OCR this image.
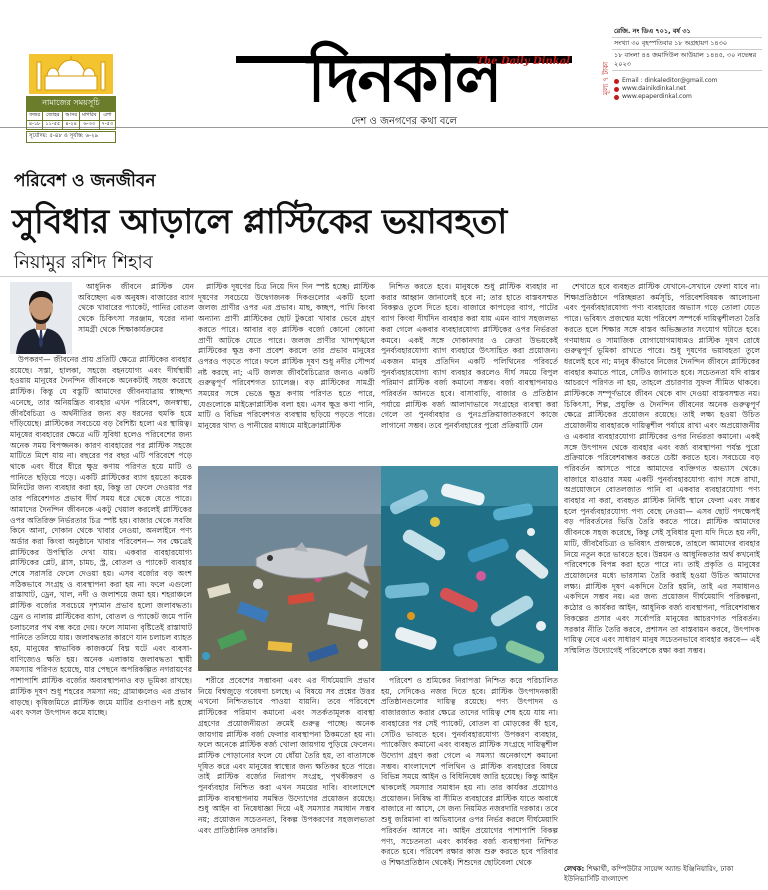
নামাজের সময়সূচি
ফজর	জোহর	আসর	মাগরিব	এশা
৪-১৮	১১-৫৫	৪-২৪	৬-৩৩	৭-৫৩
সূর্যোদয়: ৫-৪৮ ও সূর্যাস্ত: ৬-২৯
দিনকাল
The Daily Dinkal
দেশ ও জনগণের কথা বলে
মূল্য ৭ টাকা
রেজি. নং ডিএ ৭০১, বর্ষ ৩১
সংখ্যা ৩০ বৃহস্পতিবার ১৮ অগ্রহায়ণ ১৪৩০
১৮ বাংলা ৪৪ জমাদিউল আউয়াল ১৪৪৫, ৩০ নভেম্বর ২০২৩
Email : dinkaleditor@gmail.com
www.dainikdinkal.net
www.epaperdinkal.com
পরিবেশ ও জনজীবন
সুবিধার আড়ালে প্লাস্টিকের ভয়াবহতা
নিয়ামুর রশিদ শিহাব

আধুনিক জীবনে প্লাস্টিক যেন অবিচ্ছেদ্য এক অনুষঙ্গ। বাজারের ব্যাগ থেকে খাবারের প্যাকেট, পানির বোতল থেকে চিকিৎসা সরঞ্জাম, ঘরের নানা সামগ্রী থেকে শিক্ষাকার্যক্রমের

উপকরণ— জীবনের প্রায় প্রতিটি ক্ষেত্রে প্লাস্টিকের ব্যবহার রয়েছে। সস্তা, হালকা, সহজে বহনযোগ্য এবং দীর্ঘস্থায়ী হওয়ায় মানুষের দৈনন্দিন জীবনকে অনেকটাই সহজ করেছে প্লাস্টিক। কিন্তু যে বস্তুটি আমাদের জীবনযাত্রায় স্বাচ্ছন্দ্য এনেছে, তার অনিয়ন্ত্রিত ব্যবহার এখন পরিবেশ, জনস্বাস্থ্য, জীববৈচিত্র্য ও অর্থনীতির জন্য বড় ধরনের হুমকি হয়ে দাঁড়িয়েছে। প্লাস্টিকের সবচেয়ে বড় বৈশিষ্ট্য হলো এর স্থায়িত্ব। মানুষের ব্যবহারের ক্ষেত্রে এটি সুবিধা হলেও পরিবেশের জন্য অনেক সময় বিপজ্জনক। কারণ ব্যবহারের পর প্লাস্টিক সহজে মাটিতে মিশে যায় না। বছরের পর বছর এটি পরিবেশে পড়ে থাকে এবং ধীরে ধীরে ক্ষুদ্র কণায় পরিণত হয়ে মাটি ও পানিতে ছড়িয়ে পড়ে। একটি প্লাস্টিকের ব্যাগ হয়তো কয়েক মিনিটের জন্য ব্যবহার করা হয়, কিন্তু তা ফেলে দেওয়ার পর তার পরিবেশগত প্রভাব দীর্ঘ সময় ধরে থেকে যেতে পারে। আমাদের দৈনন্দিন জীবনকে একটু খেয়াল করলেই প্লাস্টিকের ওপর অতিরিক্ত নির্ভরতার চিত্র স্পষ্ট হয়। বাজার থেকে সবজি কিনে আনা, দোকান থেকে খাবার নেওয়া, অনলাইনে পণ্য অর্ডার করা কিংবা অনুষ্ঠানে খাবার পরিবেশন— সব ক্ষেত্রেই প্লাস্টিকের উপস্থিতি দেখা যায়। একবার ব্যবহারযোগ্য প্লাস্টিকের প্লেট, গ্লাস, চামচ, স্ট্র, বোতল ও প্যাকেট ব্যবহার শেষে সরাসরি ফেলে দেওয়া হয়। এসব বর্জ্যের বড় অংশ সঠিকভাবে সংগ্রহ ও ব্যবস্থাপনা করা হয় না। ফলে এগুলো রাস্তাঘাট, ড্রেন, খাল, নদী ও জলাশয়ে জমা হয়। শহরাঞ্চলে প্লাস্টিক বর্জ্যের সবচেয়ে দৃশ্যমান প্রভাব হলো জলাবদ্ধতা। ড্রেন ও নালায় প্লাস্টিকের ব্যাগ, বোতল ও প্যাকেট জমে পানি চলাচলের পথ বন্ধ করে দেয়। ফলে সামান্য বৃষ্টিতেই রাস্তাঘাট পানিতে তলিয়ে যায়। জলাবদ্ধতার কারণে যান চলাচল ব্যাহত হয়, মানুষের স্বাভাবিক কাজকর্মে বিঘ্ন ঘটে এবং ব্যবসা-বাণিজ্যেও ক্ষতি হয়। অনেক এলাকায় জলাবদ্ধতা স্থায়ী সমস্যায় পরিণত হয়েছে, যার পেছনে অপরিকল্পিত নগরায়ণের পাশাপাশি প্লাস্টিক বর্জ্যের অব্যবস্থাপনাও বড় ভূমিকা রাখছে। প্লাস্টিক দূষণ শুধু শহরের সমস্যা নয়; গ্রামাঞ্চলেও এর প্রভাব বাড়ছে। কৃষিজমিতে প্লাস্টিক জমে মাটির গুণাগুণ নষ্ট হচ্ছে এবং ফসল উৎপাদন কমে যাচ্ছে।

প্লাস্টিক দূষণের চিত্র নিয়ে দিন দিন স্পষ্ট হচ্ছে। প্লাস্টিক দূষণের সবচেয়ে উদ্বেগজনক দিকগুলোর একটি হলো জলজ প্রাণীর ওপর এর প্রভাব। মাছ, কচ্ছপ, পাখি কিংবা অন্যান্য প্রাণী প্লাস্টিকের ছোট টুকরো খাবার ভেবে গ্রহণ করতে পারে। আবার বড় প্লাস্টিক বর্জ্যে কোনো কোনো প্রাণী আটকে যেতে পারে। জলজ প্রাণীর খাদ্যশৃঙ্খলে প্লাস্টিকের ক্ষুদ্র কণা প্রবেশ করলে তার প্রভাব মানুষের ওপরও পড়তে পারে। ফলে প্লাস্টিক দূষণ শুধু নদীর সৌন্দর্য নষ্ট করছে না; এটি জলজ জীববৈচিত্র্যের জন্যও একটি গুরুত্বপূর্ণ পরিবেশগত চ্যালেঞ্জ। বড় প্লাস্টিকের সামগ্রী সময়ের সঙ্গে ভেঙে ক্ষুদ্র কণায় পরিণত হতে পারে, যেগুলোকে মাইক্রোপ্লাস্টিক বলা হয়। এসব ক্ষুদ্র কণা পানি, মাটি ও বিভিন্ন পরিবেশগত ব্যবস্থায় ছড়িয়ে পড়তে পারে। মানুষের খাদ্য ও পানীয়ের মাধ্যমে মাইক্রোপ্লাস্টিক

নিশ্চিত করতে হবে। মানুষকে শুধু প্লাস্টিক ব্যবহার না করার আহ্বান জানালেই হবে না; তার হাতে বাস্তবসম্মত বিকল্পও তুলে দিতে হবে। বাজারে কাপড়ের ব্যাগ, পাটের ব্যাগ কিংবা দীর্ঘদিন ব্যবহার করা যায় এমন ব্যাগ সহজলভ্য করা গেলে একবার ব্যবহারযোগ্য প্লাস্টিকের ওপর নির্ভরতা কমবে। একই সঙ্গে দোকানদার ও ক্রেতা উভয়কেই পুনর্ব্যবহারযোগ্য ব্যাগ ব্যবহারে উৎসাহিত করা প্রয়োজন। একজন মানুষ প্রতিদিন একটি পলিথিনের পরিবর্তে পুনর্ব্যবহারযোগ্য ব্যাগ ব্যবহার করলেও দীর্ঘ সময়ে বিপুল পরিমাণ প্লাস্টিক বর্জ্য কমানো সম্ভব। বর্জ্য ব্যবস্থাপনায়ও পরিবর্তন আনতে হবে। বাসাবাড়ি, বাজার ও প্রতিষ্ঠান পর্যায়ে প্লাস্টিক বর্জ্য আলাদাভাবে সংগ্রহের ব্যবস্থা করা গেলে তা পুনর্ব্যবহার ও পুনঃপ্রক্রিয়াজাতকরণে কাজে লাগানো সম্ভব। তবে পুনর্ব্যবহারের পুরো প্রক্রিয়াটি যেন

শেখাতে হবে ব্যবহৃত প্লাস্টিক যেখানে-সেখানে ফেলা যাবে না। শিক্ষাপ্রতিষ্ঠানে পরিচ্ছন্নতা কর্মসূচি, পরিবেশবিষয়ক আলোচনা এবং পুনর্ব্যবহারযোগ্য পণ্য ব্যবহারের অভ্যাস গড়ে তোলা যেতে পারে। ভবিষ্যৎ প্রজন্মের মধ্যে পরিবেশ সম্পর্কে দায়িত্বশীলতা তৈরি করতে হলে শিক্ষার সঙ্গে বাস্তব অভিজ্ঞতার সংযোগ ঘটাতে হবে। গণমাধ্যম ও সামাজিক যোগাযোগমাধ্যমও প্লাস্টিক দূষণ রোধে গুরুত্বপূর্ণ ভূমিকা রাখতে পারে। শুধু দূষণের ভয়াবহতা তুলে ধরলেই হবে না; মানুষ কীভাবে নিজের দৈনন্দিন জীবনে প্লাস্টিকের ব্যবহার কমাতে পারে, সেটিও জানাতে হবে। সচেতনতা যদি বাস্তব আচরণে পরিণত না হয়, তাহলে প্রচারণার সুফল সীমিত থাকবে। প্লাস্টিককে সম্পূর্ণভাবে জীবন থেকে বাদ দেওয়া বাস্তবসম্মত নয়। চিকিৎসা, শিল্প, প্রযুক্তি ও দৈনন্দিন জীবনের অনেক গুরুত্বপূর্ণ ক্ষেত্রে প্লাস্টিকের প্রয়োজন রয়েছে। তাই লক্ষ্য হওয়া উচিত প্রয়োজনীয় ব্যবহারকে দায়িত্বশীল পর্যায়ে রাখা এবং অপ্রয়োজনীয় ও একবার ব্যবহারযোগ্য প্লাস্টিকের ওপর নির্ভরতা কমানো। একই সঙ্গে উৎপাদন থেকে ব্যবহার এবং বর্জ্য ব্যবস্থাপনা পর্যন্ত পুরো প্রক্রিয়াকে পরিবেশবান্ধব করতে চেষ্টা করতে হবে। সবচেয়ে বড় পরিবর্তন আসতে পারে আমাদের ব্যক্তিগত অভ্যাস থেকে। বাজারে যাওয়ার সময় একটি পুনর্ব্যবহারযোগ্য ব্যাগ সঙ্গে রাখা, অপ্রয়োজনে বোতলজাত পানি বা একবার ব্যবহারযোগ্য পণ্য ব্যবহার না করা, ব্যবহৃত প্লাস্টিক নির্দিষ্ট স্থানে ফেলা এবং সম্ভব হলে পুনর্ব্যবহারযোগ্য পণ্য বেছে নেওয়া— এসব ছোট পদক্ষেপই বড় পরিবর্তনের ভিত্তি তৈরি করতে পারে। প্লাস্টিক আমাদের জীবনকে সহজ করেছে, কিন্তু সেই সুবিধার মূল্য যদি দিতে হয় নদী, মাটি, জীববৈচিত্র্য ও ভবিষ্যৎ প্রজন্মকে, তাহলে আমাদের ব্যবহার নিয়ে নতুন করে ভাবতে হবে। উন্নয়ন ও আধুনিকতার অর্থ কখনোই পরিবেশকে বিপন্ন করা হতে পারে না। তাই প্রকৃতি ও মানুষের প্রয়োজনের মধ্যে ভারসাম্য তৈরি করাই হওয়া উচিত আমাদের লক্ষ্য। প্লাস্টিক দূষণ একদিনে তৈরি হয়নি, তাই এর সমাধানও একদিনে সম্ভব নয়। এর জন্য প্রয়োজন দীর্ঘমেয়াদি পরিকল্পনা, কঠোর ও কার্যকর আইন, আধুনিক বর্জ্য ব্যবস্থাপনা, পরিবেশবান্ধব বিকল্পের প্রসার এবং সর্বোপরি মানুষের আচরণগত পরিবর্তন। সরকার নীতি তৈরি করবে, প্রশাসন তা বাস্তবায়ন করবে, উৎপাদক দায়িত্ব নেবে এবং সাধারণ মানুষ সচেতনভাবে ব্যবহার করবে— এই সম্মিলিত উদ্যোগেই পরিবেশকে রক্ষা করা সম্ভব।

শরীরে প্রবেশের সম্ভাবনা এবং এর দীর্ঘমেয়াদি প্রভাব নিয়ে বিশ্বজুড়ে গবেষণা চলছে। এ বিষয়ে সব প্রশ্নের উত্তর এখনো নিশ্চিতভাবে পাওয়া যায়নি। তবে পরিবেশে প্লাস্টিকের পরিমাণ কমানো এবং সতর্কতামূলক ব্যবস্থা গ্রহণের প্রয়োজনীয়তা ক্রমেই গুরুত্ব পাচ্ছে। অনেক জায়গায় প্লাস্টিক বর্জ্য ফেলার ব্যবস্থাপনা ঠিকমতো হয় না। ফলে অনেকে প্লাস্টিক বর্জ্য খোলা জায়গায় পুড়িয়ে ফেলেন। প্লাস্টিক পোড়ানোর ফলে যে ধোঁয়া তৈরি হয়, তা বাতাসকে দূষিত করে এবং মানুষের স্বাস্থ্যের জন্য ক্ষতিকর হতে পারে। তাই প্লাস্টিক বর্জ্যের নিরাপদ সংগ্রহ, পৃথকীকরণ ও পুনর্ব্যবহার নিশ্চিত করা এখন সময়ের দাবি। বাংলাদেশে প্লাস্টিক ব্যবস্থাপনায় সমন্বিত উদ্যোগের প্রয়োজন রয়েছে। শুধু আইন বা নিষেধাজ্ঞা দিয়ে এই সমস্যার সমাধান সম্ভব নয়; প্রয়োজন সচেতনতা, বিকল্প উপকরণের সহজলভ্যতা এবং প্রাতিষ্ঠানিক তদারকি।

পরিবেশ ও শ্রমিকের নিরাপত্তা নিশ্চিত করে পরিচালিত হয়, সেদিকেও নজর দিতে হবে। প্লাস্টিক উৎপাদনকারী প্রতিষ্ঠানগুলোর দায়িত্ব রয়েছে। পণ্য উৎপাদন ও বাজারজাত করার ক্ষেত্রে তাদের দায়িত্ব শেষ হয়ে যায় না। ব্যবহারের পর সেই প্যাকেট, বোতল বা মোড়কের কী হবে, সেটিও ভাবতে হবে। পুনর্ব্যবহারযোগ্য উপকরণ ব্যবহার, প্যাকেজিং কমানো এবং ব্যবহৃত প্লাস্টিক সংগ্রহে দায়িত্বশীল উদ্যোগ গ্রহণ করা গেলে এ সমস্যা অনেকাংশে কমানো সম্ভব। বাংলাদেশে পলিথিন ও প্লাস্টিক ব্যবহারের বিষয়ে বিভিন্ন সময়ে আইন ও বিধিনিষেধ জারি হয়েছে। কিন্তু আইন থাকলেই সমস্যার সমাধান হয় না। তার কার্যকর প্রয়োগও প্রয়োজন। নিষিদ্ধ বা সীমিত ব্যবহারের প্লাস্টিক যাতে অবাধে বাজারে না আসে, সে জন্য নিয়মিত নজরদারি দরকার। তবে শুধু জরিমানা বা অভিযানের ওপর নির্ভর করলে দীর্ঘমেয়াদি পরিবর্তন আসবে না। আইন প্রয়োগের পাশাপাশি বিকল্প পণ্য, সচেতনতা এবং কার্যকর বর্জ্য ব্যবস্থাপনা নিশ্চিত করতে হবে। পরিবেশ রক্ষার কাজ শুরু করতে হবে পরিবার ও শিক্ষাপ্রতিষ্ঠান থেকেই। শিশুদের ছোটবেলা থেকে

লেখক: শিক্ষার্থী, কম্পিউটার সায়েন্স অ্যান্ড ইঞ্জিনিয়ারিং, ঢাকা ইউনিভার্সিটি বাংলাদেশ
